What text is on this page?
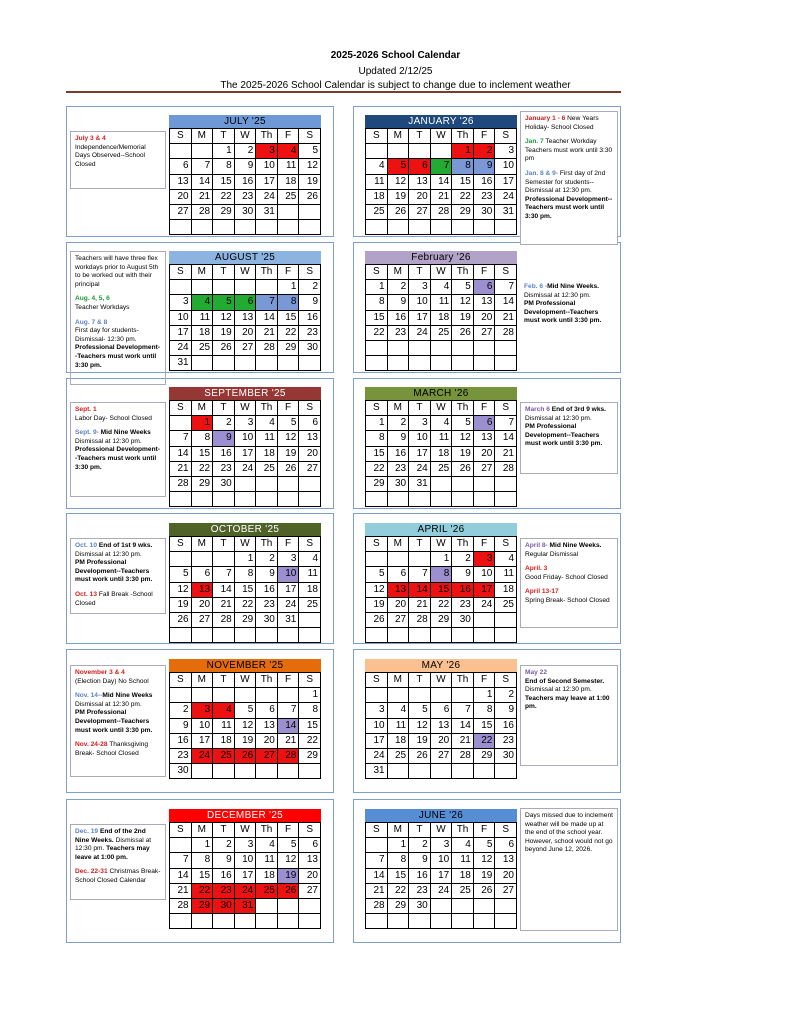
2025-2026 School Calendar
Updated 2/12/25
The 2025-2026 School Calendar is subject to change due to inclement weather
JULY '25
S	M	T	W	Th	F	S
		1	2	3	4	5
6	7	8	9	10	11	12
13	14	15	16	17	18	19
20	21	22	23	24	25	26
27	28	29	30	31		

AUGUST '25
S	M	T	W	Th	F	S
					1	2
3	4	5	6	7	8	9
10	11	12	13	14	15	16
17	18	19	20	21	22	23
24	25	26	27	28	29	30
31						
SEPTEMBER '25
S	M	T	W	Th	F	S
	1	2	3	4	5	6
7	8	9	10	11	12	13
14	15	16	17	18	19	20
21	22	23	24	25	26	27
28	29	30				

OCTOBER '25
S	M	T	W	Th	F	S
			1	2	3	4
5	6	7	8	9	10	11
12	13	14	15	16	17	18
19	20	21	22	23	24	25
26	27	28	29	30	31	

NOVEMBER '25
S	M	T	W	Th	F	S
						1
2	3	4	5	6	7	8
9	10	11	12	13	14	15
16	17	18	19	20	21	22
23	24	25	26	27	28	29
30						
DECEMBER '25
S	M	T	W	Th	F	S
	1	2	3	4	5	6
7	8	9	10	11	12	13
14	15	16	17	18	19	20
21	22	23	24	25	26	27
28	29	30	31			

JANUARY '26
S	M	T	W	Th	F	S
				1	2	3
4	5	6	7	8	9	10
11	12	13	14	15	16	17
18	19	20	21	22	23	24
25	26	27	28	29	30	31

February '26
S	M	T	W	Th	F	S
1	2	3	4	5	6	7
8	9	10	11	12	13	14
15	16	17	18	19	20	21
22	23	24	25	26	27	28

MARCH '26
S	M	T	W	Th	F	S
1	2	3	4	5	6	7
8	9	10	11	12	13	14
15	16	17	18	19	20	21
22	23	24	25	26	27	28
29	30	31				

APRIL '26
S	M	T	W	Th	F	S
			1	2	3	4
5	6	7	8	9	10	11
12	13	14	15	16	17	18
19	20	21	22	23	24	25
26	27	28	29	30		

MAY '26
S	M	T	W	Th	F	S
					1	2
3	4	5	6	7	8	9
10	11	12	13	14	15	16
17	18	19	20	21	22	23
24	25	26	27	28	29	30
31						
JUNE '26
S	M	T	W	Th	F	S
	1	2	3	4	5	6
7	8	9	10	11	12	13
14	15	16	17	18	19	20
21	22	23	24	25	26	27
28	29	30				

July 3 & 4
Independence/Memorial Days Observed--School Closed

Teachers will have three flex workdays prior to August 5th to be worked out with their principal

Aug. 4, 5, 6
Teacher Workdays

Aug. 7 & 8
First day for students- Dismissal- 12:30 pm.
Professional Development--Teachers must work until 3:30 pm.

Sept. 1
Labor Day- School Closed

Sept. 9- Mid Nine Weeks
Dismissal at 12:30 pm.
Professional Development--Teachers must work until 3:30 pm.

Oct. 10 End of 1st 9 wks.
Dismissal at 12:30 pm.
PM Professional Development--Teachers must work until 3:30 pm.

Oct. 13 Fall Break -School Closed

November 3 & 4
(Election Day) No School

Nov. 14--Mid Nine Weeks
Dismissal at 12:30 pm.
PM Professional Development--Teachers must work until 3:30 pm.

Nov. 24-28 Thanksgiving Break- School Closed

Dec. 19 End of the 2nd Nine Weeks. Dismissal at 12:30 pm. Teachers may leave at 1:00 pm.

Dec. 22-31 Christmas Break- School Closed Calendar

January 1 - 6 New Years Holiday- School Closed

Jan. 7 Teacher Workday Teachers must work until 3:30 pm

Jan. 8 & 9- First day of 2nd Semester for students--Dismissal at 12:30 pm.
Professional Development--Teachers must work until 3:30 pm.

Feb. 6 -Mid Nine Weeks.
Dismissal at 12:30 pm.
PM Professional Development--Teachers must work until 3:30 pm.

March 6 End of 3rd 9 wks.
Dismissal at 12:30 pm.
PM Professional Development--Teachers must work until 3:30 pm.

April 8- Mid Nine Weeks.
Regular Dismissal

April. 3
Good Friday- School Closed

April 13-17
Spring Break- School Closed

May 22
End of Second Semester.
Dismissal at 12:30 pm.
Teachers may leave at 1:00 pm.

Days missed due to inclement weather will be made up at the end of the school year. However, school would not go beyond June 12, 2026.
